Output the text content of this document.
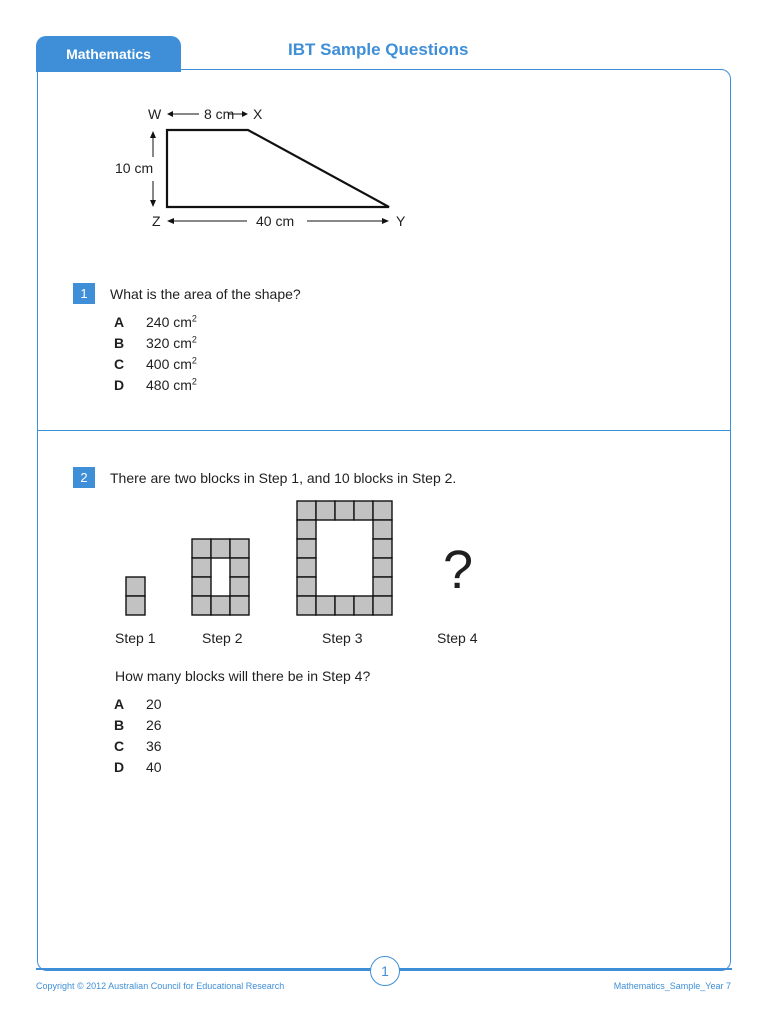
Mathematics	IBT Sample Questions
W	8 cm X
10 cm
Z	40 cm	Y
1	What is the area of the shape?
A	240 $cm^2$
B	320 $cm^2$
C	400 $cm^2$
D	480 $cm^2$
2	There are two blocks in Step 1, and 10 blocks in Step 2.
?
Step 1	Step 2	Step 3	Step 4
How many blocks will there be in Step 4?
A	20
B	26
C	36
D	40
1
Copyright © 2012 Australian Council for Educational Research	Mathematics_Sample_Year 7
